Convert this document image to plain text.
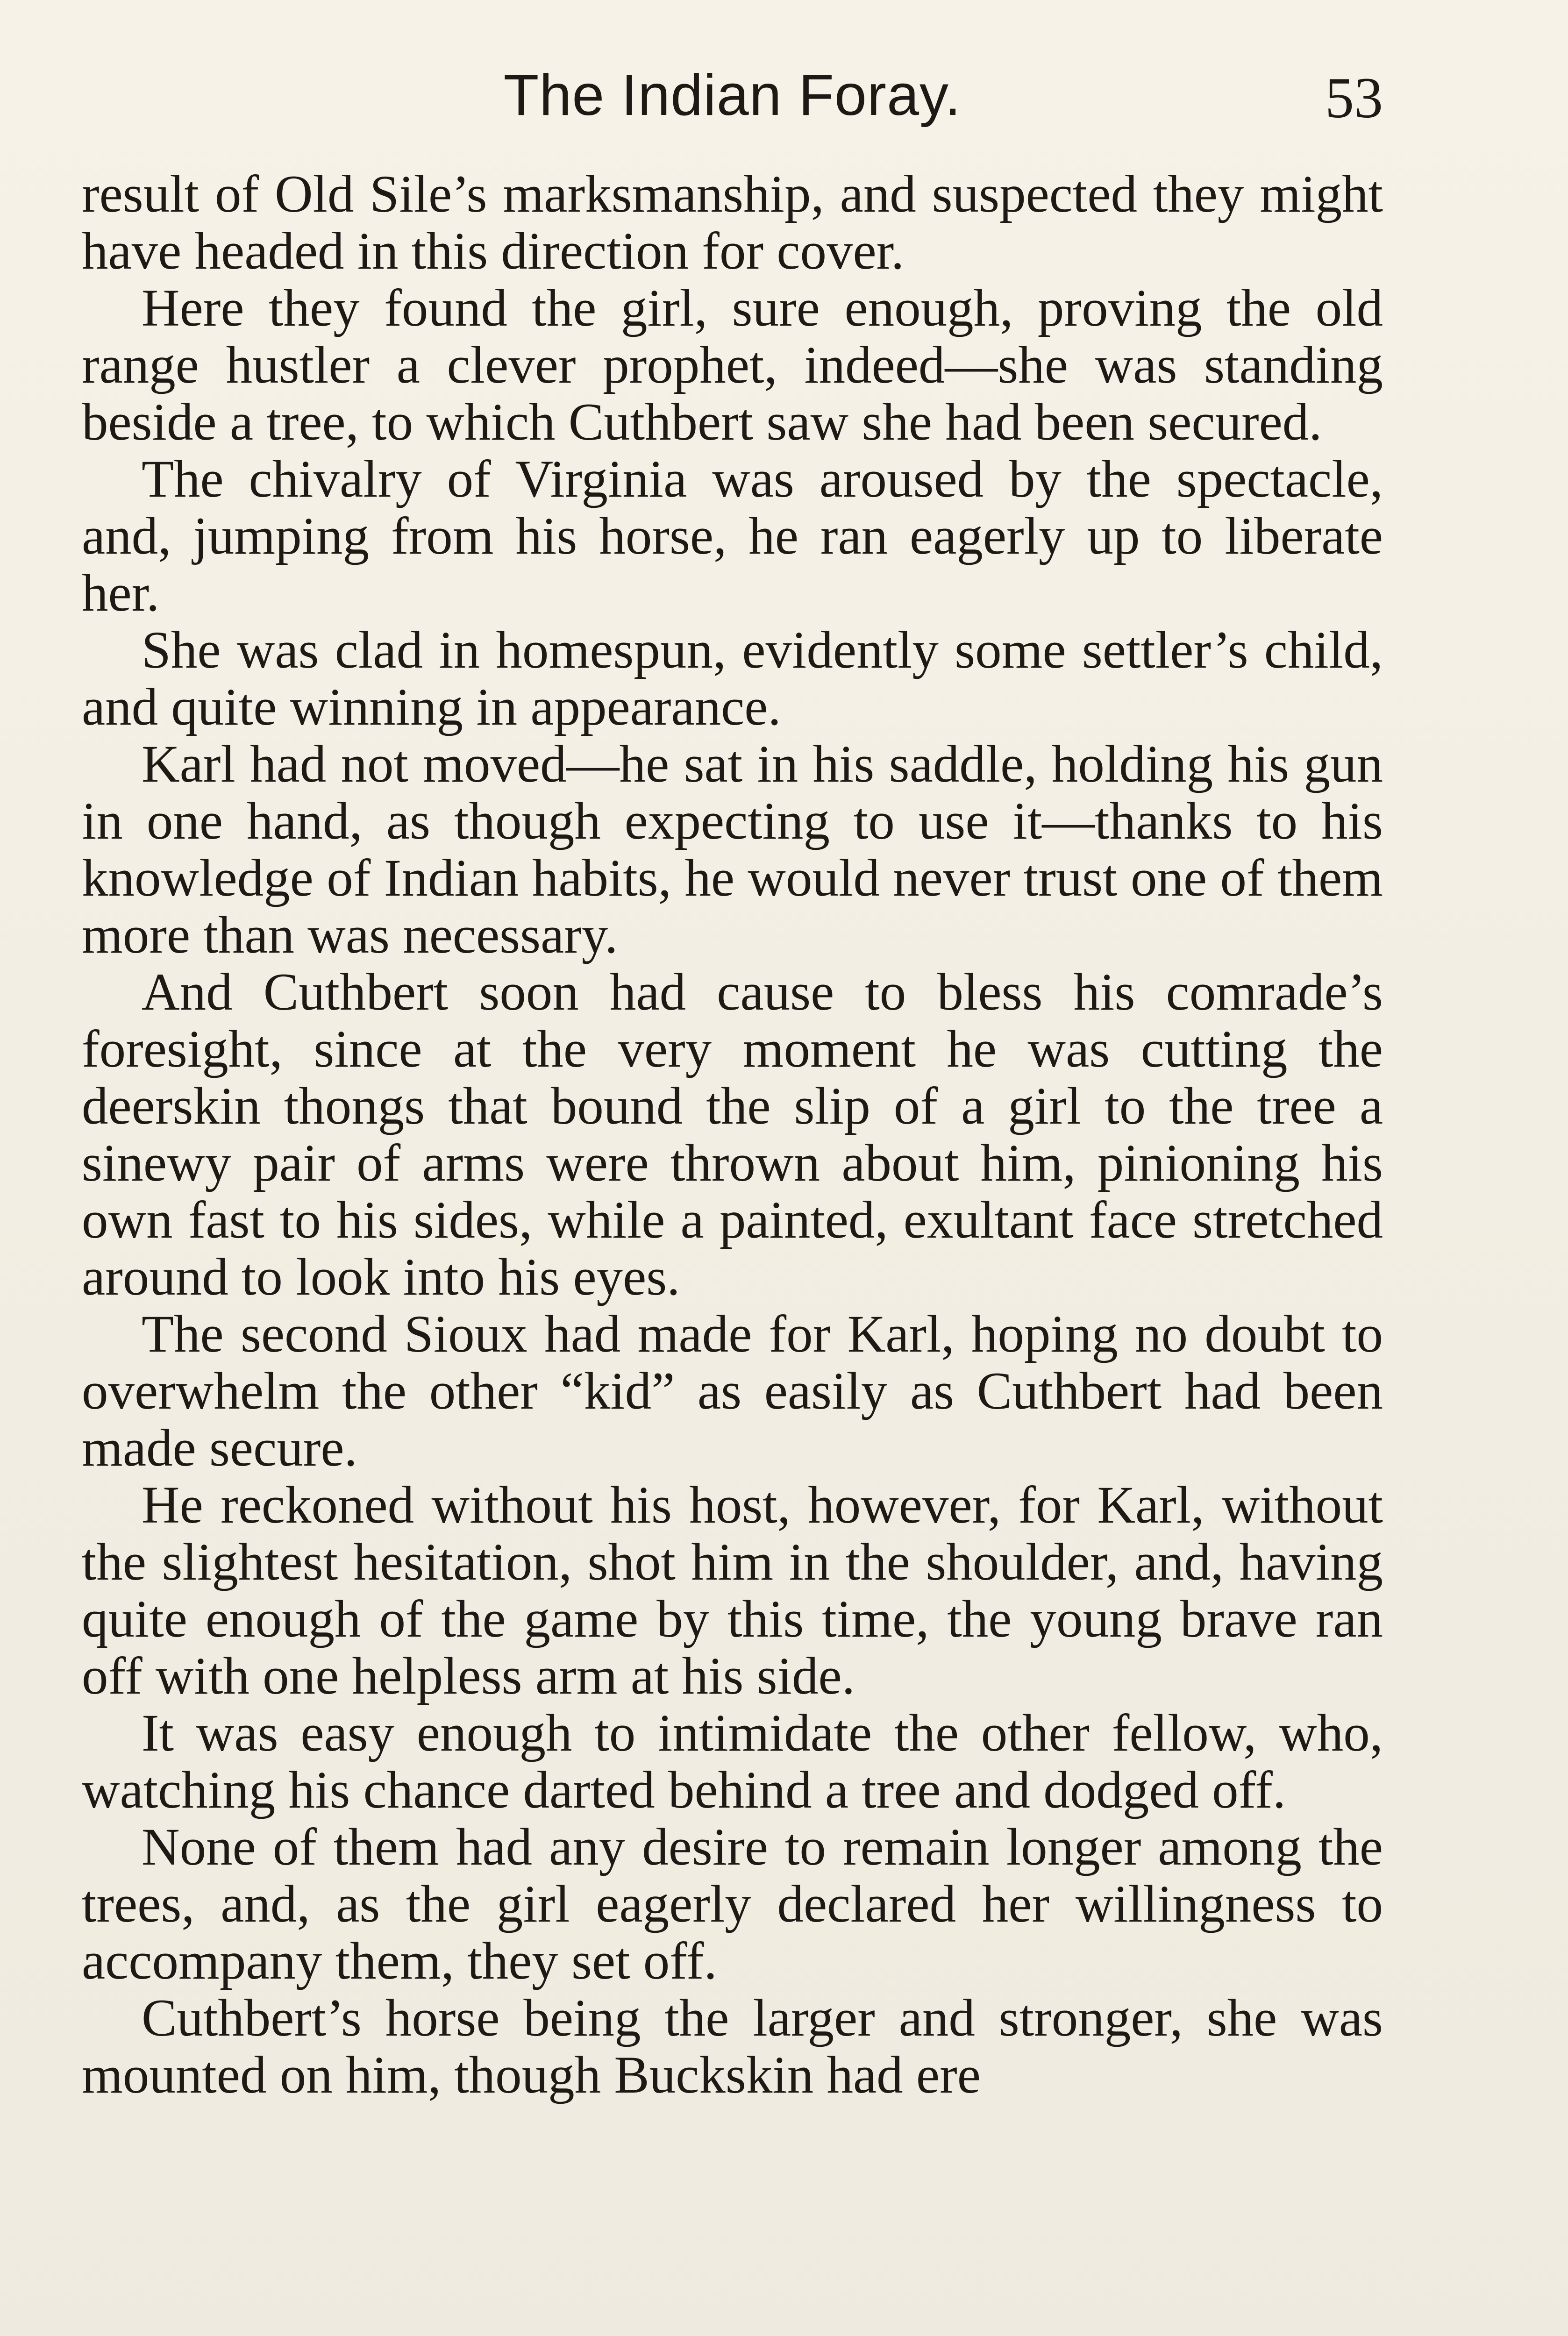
The Indian Foray.	53

result of Old Sile’s marksmanship, and suspected they might have headed in this direction for cover.

Here they found the girl, sure enough, proving the old range hustler a clever prophet, indeed—she was standing beside a tree, to which Cuthbert saw she had been secured.

The chivalry of Virginia was aroused by the spectacle, and, jumping from his horse, he ran eagerly up to liberate her.

She was clad in homespun, evidently some settler’s child, and quite winning in appearance.

Karl had not moved—he sat in his saddle, holding his gun in one hand, as though expecting to use it—thanks to his knowledge of Indian habits, he would never trust one of them more than was necessary.

And Cuthbert soon had cause to bless his comrade’s foresight, since at the very moment he was cutting the deerskin thongs that bound the slip of a girl to the tree a sinewy pair of arms were thrown about him, pinioning his own fast to his sides, while a painted, exultant face stretched around to look into his eyes.

The second Sioux had made for Karl, hoping no doubt to overwhelm the other “kid” as easily as Cuthbert had been made secure.

He reckoned without his host, however, for Karl, without the slightest hesitation, shot him in the shoulder, and, having quite enough of the game by this time, the young brave ran off with one helpless arm at his side.

It was easy enough to intimidate the other fellow, who, watching his chance darted behind a tree and dodged off.

None of them had any desire to remain longer among the trees, and, as the girl eagerly declared her willingness to accompany them, they set off.

Cuthbert’s horse being the larger and stronger, she was mounted on him, though Buckskin had ere
